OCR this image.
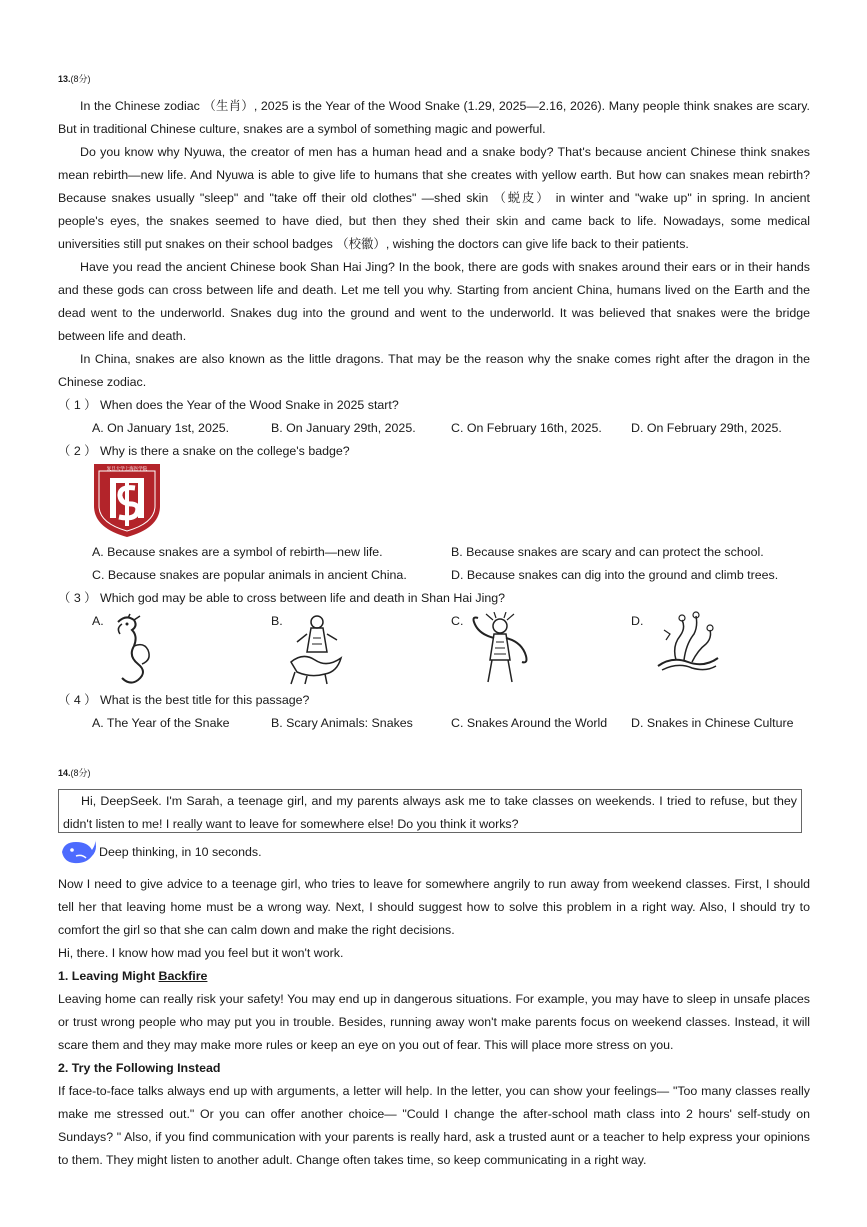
13.(8分)
In the Chinese zodiac （生肖）, 2025 is the Year of the Wood Snake (1.29, 2025—2.16, 2026). Many people think snakes are scary. But in traditional Chinese culture, snakes are a symbol of something magic and powerful.
Do you know why Nyuwa, the creator of men has a human head and a snake body? That's because ancient Chinese think snakes mean rebirth—new life. And Nyuwa is able to give life to humans that she creates with yellow earth. But how can snakes mean rebirth? Because snakes usually "sleep" and "take off their old clothes" —shed skin （蜕皮） in winter and "wake up" in spring. In ancient people's eyes, the snakes seemed to have died, but then they shed their skin and came back to life. Nowadays, some medical universities still put snakes on their school badges （校徽）, wishing the doctors can give life back to their patients.
Have you read the ancient Chinese book Shan Hai Jing? In the book, there are gods with snakes around their ears or in their hands and these gods can cross between life and death. Let me tell you why. Starting from ancient China, humans lived on the Earth and the dead went to the underworld. Snakes dug into the ground and went to the underworld. It was believed that snakes were the bridge between life and death.
In China, snakes are also known as the little dragons. That may be the reason why the snake comes right after the dragon in the Chinese zodiac.
（ 1 ） When does the Year of the Wood Snake in 2025 start?
A. On January 1st, 2025.	B. On January 29th, 2025.	C. On February 16th, 2025. D. On February 29th, 2025.
（ 2 ） Why is there a snake on the college's badge?
复旦大学上海医学院
A. Because snakes are a symbol of rebirth—new life.	B. Because snakes are scary and can protect the school.
C. Because snakes are popular animals in ancient China.	D. Because snakes can dig into the ground and climb trees.
（ 3 ） Which god may be able to cross between life and death in Shan Hai Jing?
A.	B.	C.	D.
（ 4 ） What is the best title for this passage?
A. The Year of the Snake	B. Scary Animals: Snakes	C. Snakes Around the World D. Snakes in Chinese Culture
14.(8分)
Hi, DeepSeek. I'm Sarah, a teenage girl, and my parents always ask me to take classes on weekends. I tried to refuse, but they didn't listen to me! I really want to leave for somewhere else! Do you think it works?
Deep thinking, in 10 seconds.
Now I need to give advice to a teenage girl, who tries to leave for somewhere angrily to run away from weekend classes. First, I should tell her that leaving home must be a wrong way. Next, I should suggest how to solve this problem in a right way. Also, I should try to comfort the girl so that she can calm down and make the right decisions.
Hi, there. I know how mad you feel but it won't work.
1. Leaving Might Backfire
Leaving home can really risk your safety! You may end up in dangerous situations. For example, you may have to sleep in unsafe places or trust wrong people who may put you in trouble. Besides, running away won't make parents focus on weekend classes. Instead, it will scare them and they may make more rules or keep an eye on you out of fear. This will place more stress on you.
2. Try the Following Instead
If face-to-face talks always end up with arguments, a letter will help. In the letter, you can show your feelings— "Too many classes really make me stressed out." Or you can offer another choice— "Could I change the after-school math class into 2 hours' self-study on Sundays? " Also, if you find communication with your parents is really hard, ask a trusted aunt or a teacher to help express your opinions to them. They might listen to another adult. Change often takes time, so keep communicating in a right way.
